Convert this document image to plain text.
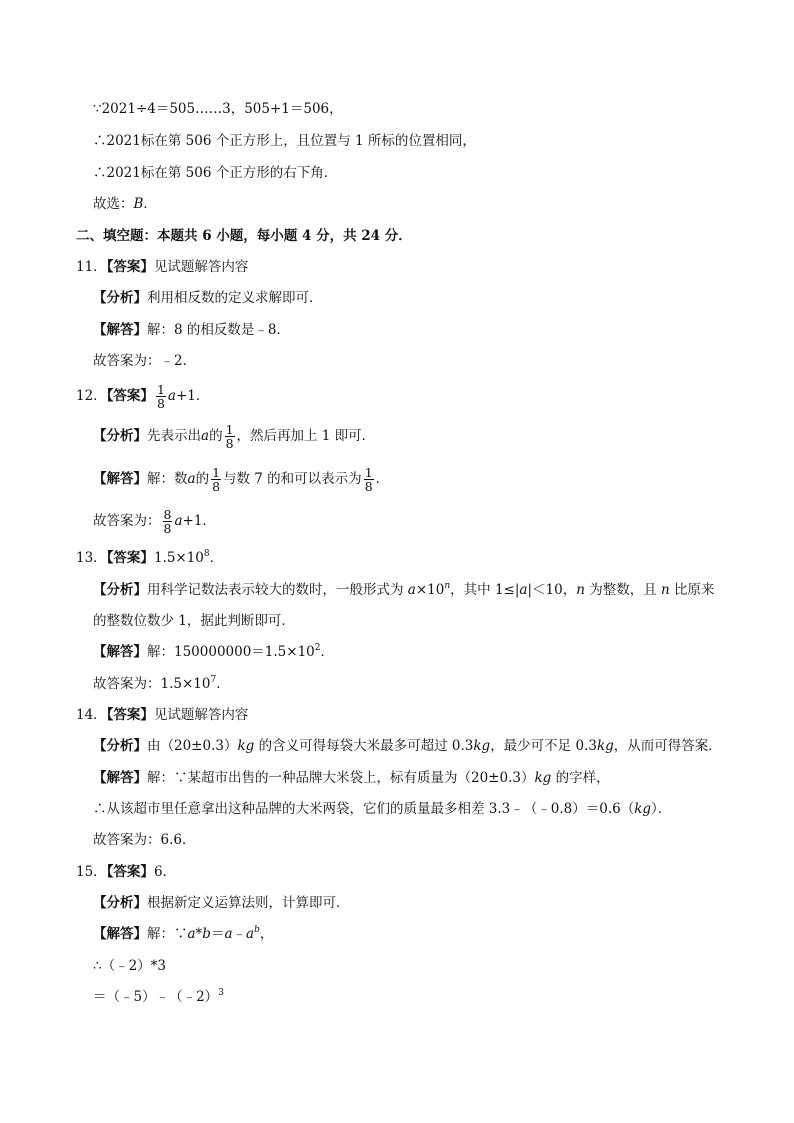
∵2021÷4＝505……3，505+1＝506，
∴2021标在第 506 个正方形上，且位置与 1 所标的位置相同，
∴2021标在第 506 个正方形的右下角．
故选：B．
二、填空题：本题共 6 小题，每小题 4 分，共 24 分．
11．【答案】见试题解答内容
【分析】利用相反数的定义求解即可．
【解答】解：8 的相反数是﹣8．
故答案为：﹣2．
12．【答案】 $\frac{1}{8} a+1$．
【分析】先表示出a的 $\frac{1}{8}$ ，然后再加上 1 即可．
【解答】解：数a的 $\frac{1}{8}$ 与数 7 的和可以表示为 $\frac{1}{8}$ ．
故答案为： $\frac{8}{8} a+1$．
13．【答案】$1.5\times 10^8$．
【分析】用科学记数法表示较大的数时，一般形式为 $a\times 10^n$，其中 1≤|a|＜10，n 为整数，且 n 比原来
的整数位数少 1，据此判断即可．
【解答】解：$150000000=1.5\times 10^2$．
故答案为：$1.5\times 10^7$．
14．【答案】见试题解答内容
【分析】由（20±0.3）kg 的含义可得每袋大米最多可超过 0.3kg，最少可不足 0.3kg，从而可得答案．
【解答】解：∵某超市出售的一种品牌大米袋上，标有质量为（20±0.3）kg 的字样，
∴从该超市里任意拿出这种品牌的大米两袋，它们的质量最多相差 3.3﹣（﹣0.8）＝0.6（kg）．
故答案为：6.6．
15．【答案】6．
【分析】根据新定义运算法则，计算即可．
【解答】解：$\because a*b=a﹣a^b$，
∴（﹣2）*3
＝（﹣5）﹣（﹣2）$^3$
